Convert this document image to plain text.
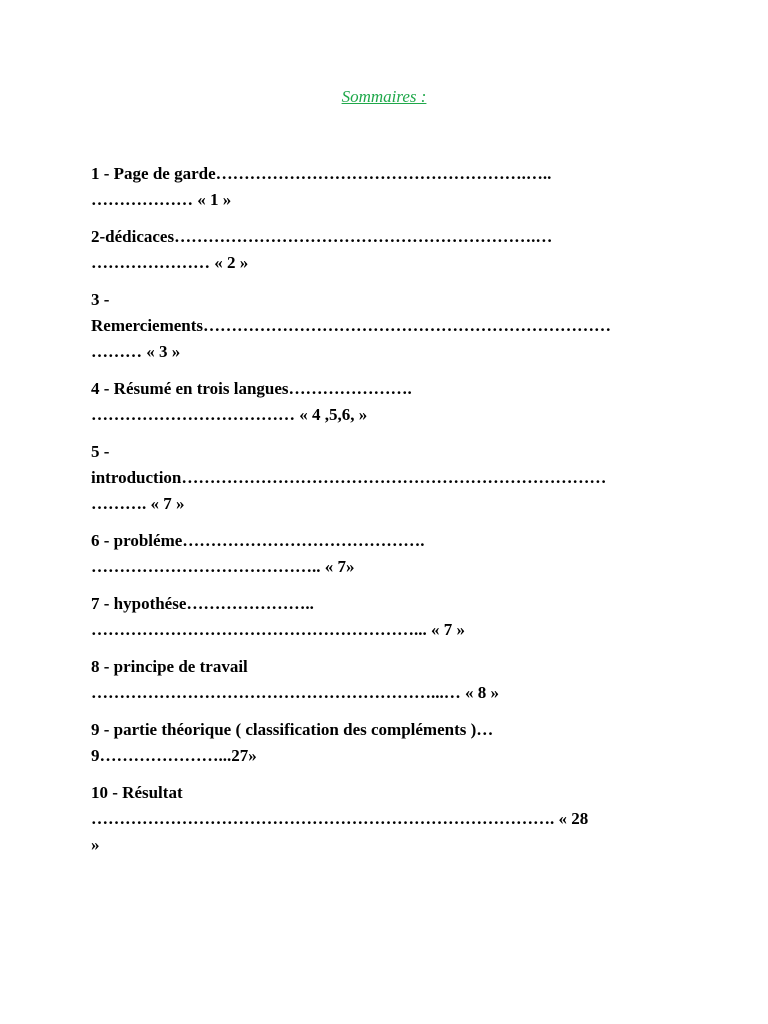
Sommaires :
1 - Page de garde……………………………………………….…..
……………… « 1 »
2-dédicaces……………………………………………………….…
………………… « 2 »
3 -
Remerciements………………………………………………………………
……… « 3 »
4 - Résumé en trois langues………………….
……………………………… « 4 ,5,6, »
5 -
introduction…………………………………………………………………
………. « 7 »
6 - probléme…………………………………….
………………………………….. « 7»
7 - hypothése…………………..
…………………………………………………... « 7 »
8 - principe de travail
……………………………………………………...… « 8 »
9 - partie théorique ( classification des compléments )…
9…………………...27»
10 - Résultat
………………………………………………………………………. « 28
»
